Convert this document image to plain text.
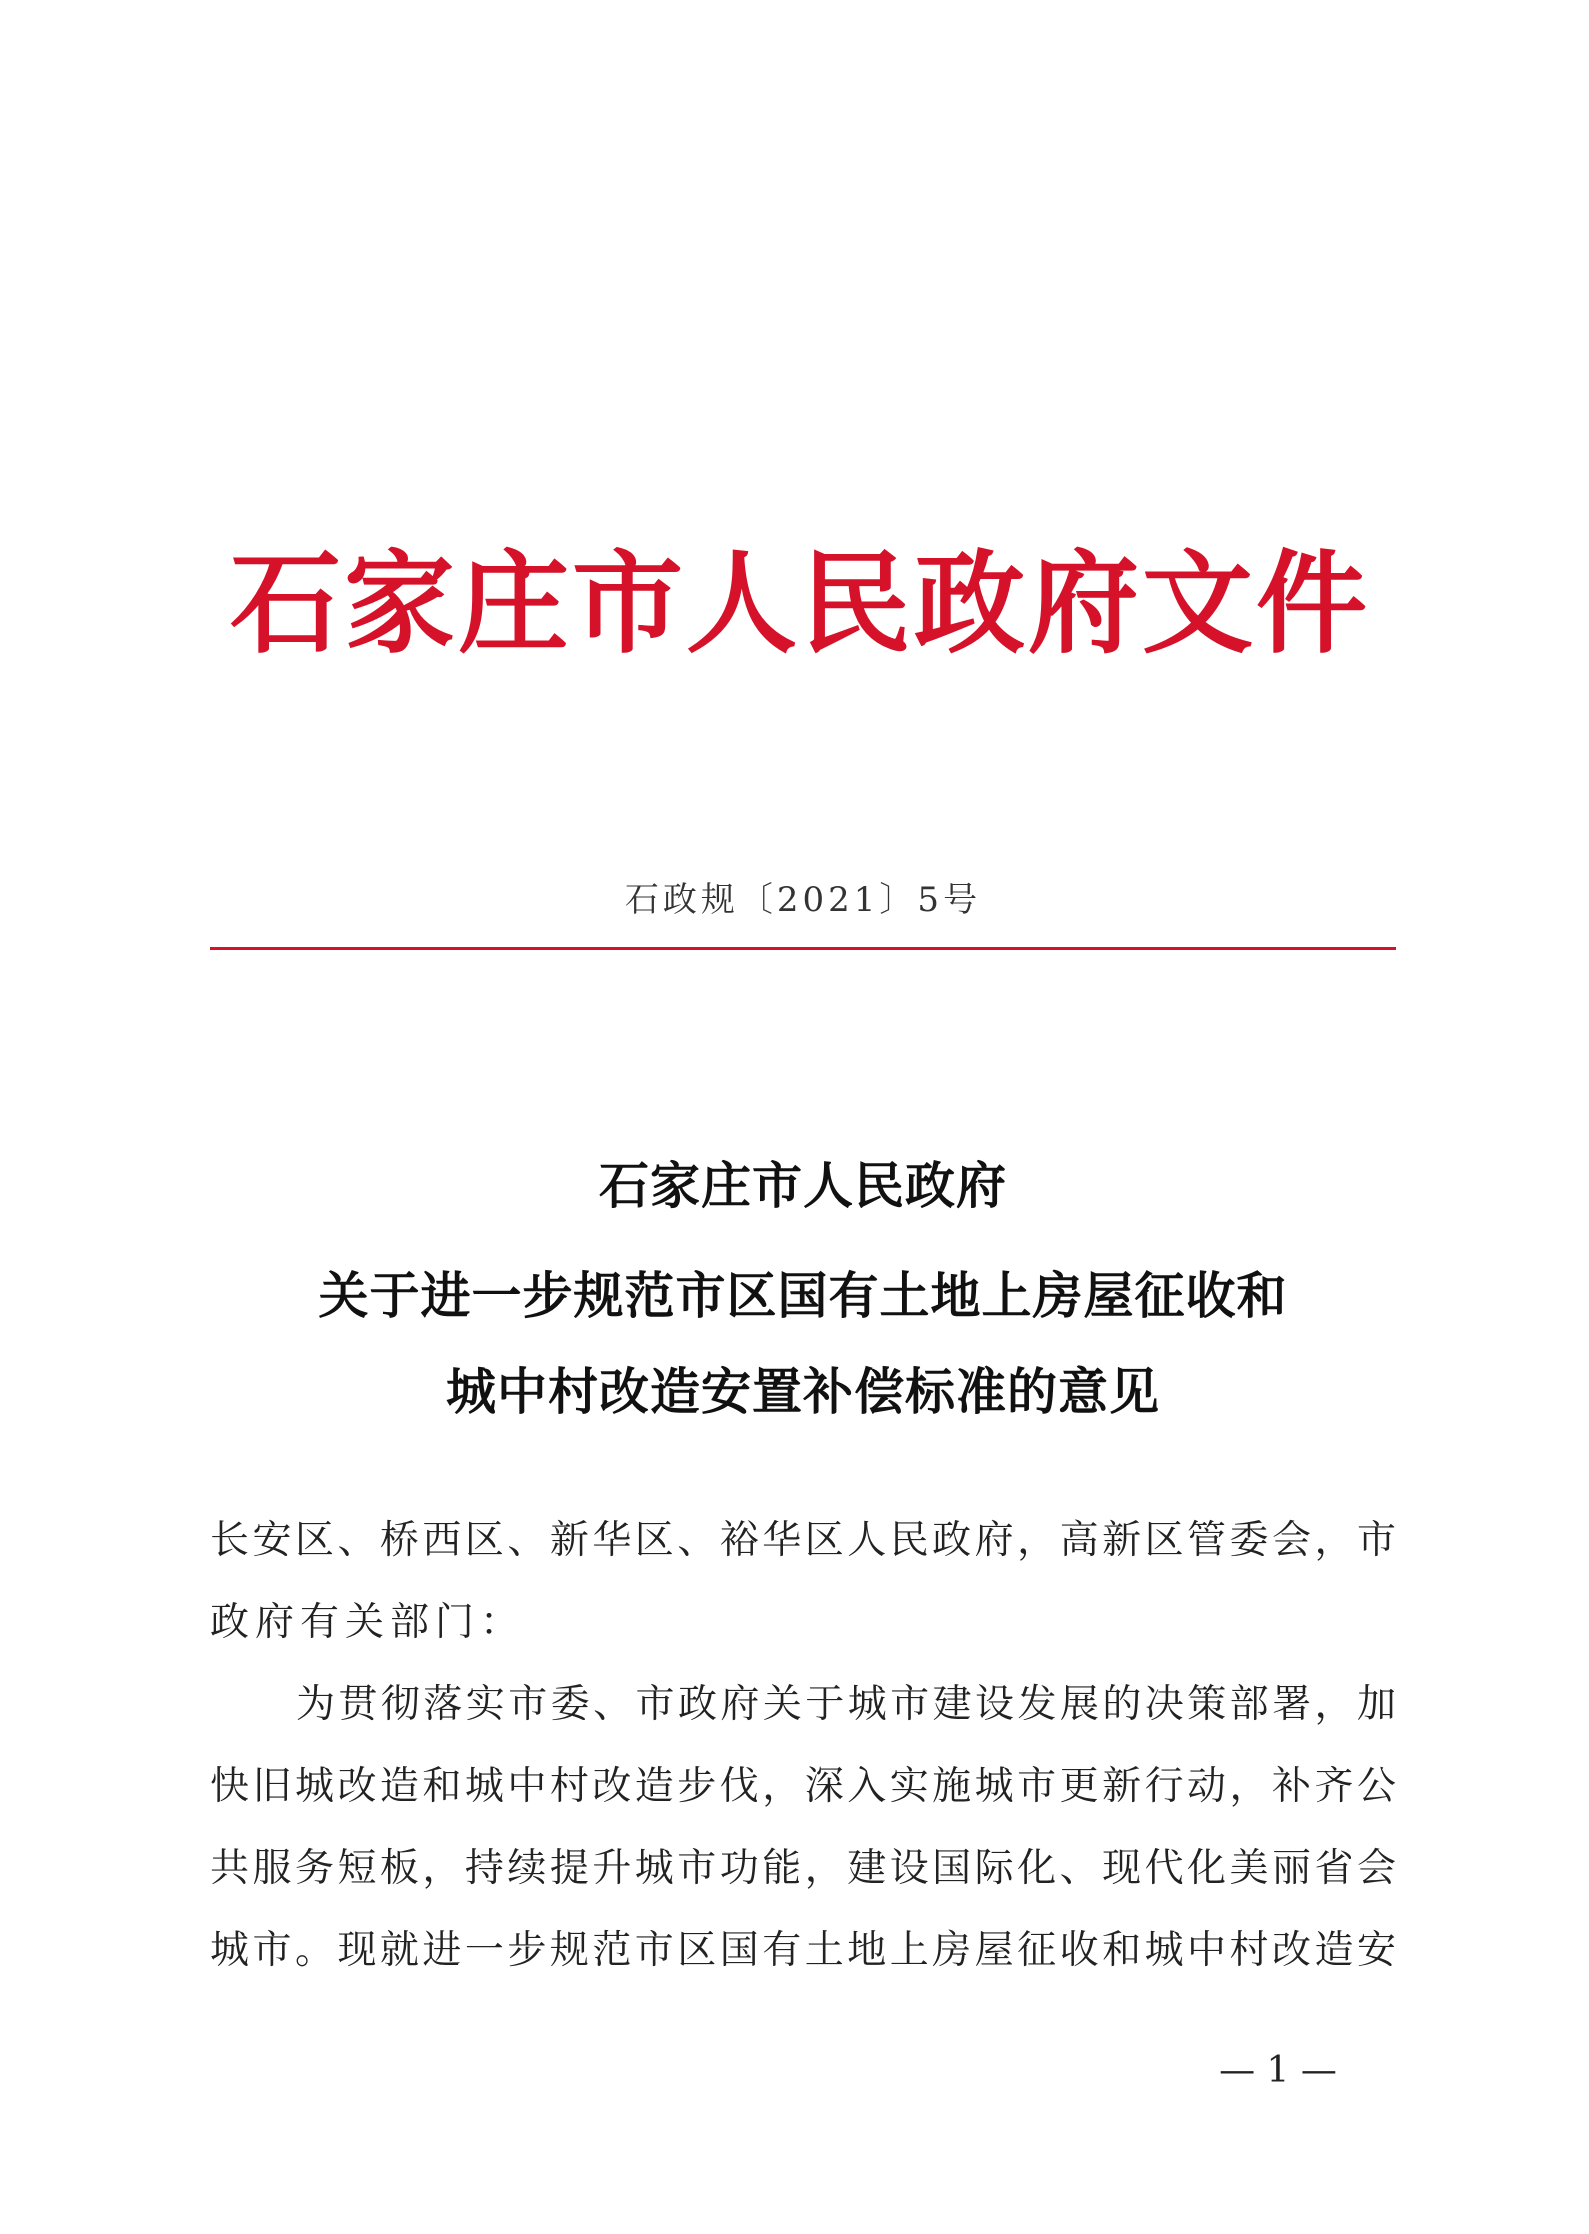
石家庄市人民政府文件
石政规〔2021〕5号
石家庄市人民政府
关于进一步规范市区国有土地上房屋征收和
城中村改造安置补偿标准的意见
长安区、桥西区、新华区、裕华区人民政府，高新区管委会，市
政府有关部门：
为贯彻落实市委、市政府关于城市建设发展的决策部署，加
快旧城改造和城中村改造步伐，深入实施城市更新行动，补齐公
共服务短板，持续提升城市功能，建设国际化、现代化美丽省会
城市。现就进一步规范市区国有土地上房屋征收和城中村改造安
— 1 —
